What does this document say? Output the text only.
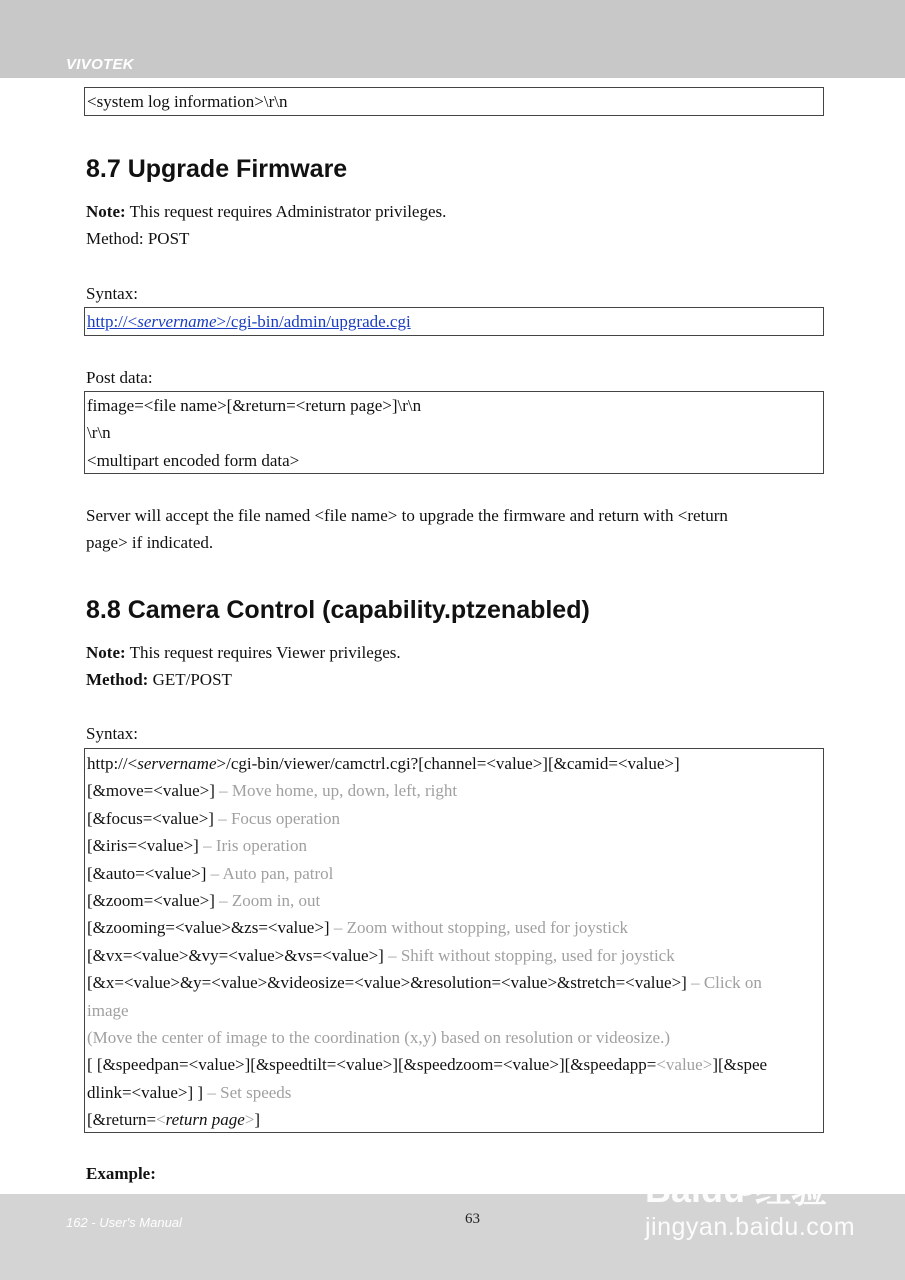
VIVOTEK
<system log information>\r\n
8.7 Upgrade Firmware
Note: This request requires Administrator privileges.
Method: POST
Syntax:
http://<servername>/cgi-bin/admin/upgrade.cgi
Post data:
fimage=<file name>[&return=<return page>]\r\n
\r\n
<multipart encoded form data>
Server will accept the file named <file name> to upgrade the firmware and return with <return
page> if indicated.
8.8 Camera Control (capability.ptzenabled)
Note: This request requires Viewer privileges.
Method: GET/POST
Syntax:
http://<servername>/cgi-bin/viewer/camctrl.cgi?[channel=<value>][&camid=<value>]
[&move=<value>] – Move home, up, down, left, right
[&focus=<value>] – Focus operation
[&iris=<value>] – Iris operation
[&auto=<value>] – Auto pan, patrol
[&zoom=<value>] – Zoom in, out
[&zooming=<value>&zs=<value>] – Zoom without stopping, used for joystick
[&vx=<value>&vy=<value>&vs=<value>] – Shift without stopping, used for joystick
[&x=<value>&y=<value>&videosize=<value>&resolution=<value>&stretch=<value>] – Click on
image
(Move the center of image to the coordination (x,y) based on resolution or videosize.)
[ [&speedpan=<value>][&speedtilt=<value>][&speedzoom=<value>][&speedapp=<value>][&spee
dlink=<value>] ] – Set speeds
[&return=<return page>]
Example:
162 - User's Manual	63
Baidu 经验
jingyan.baidu.com
